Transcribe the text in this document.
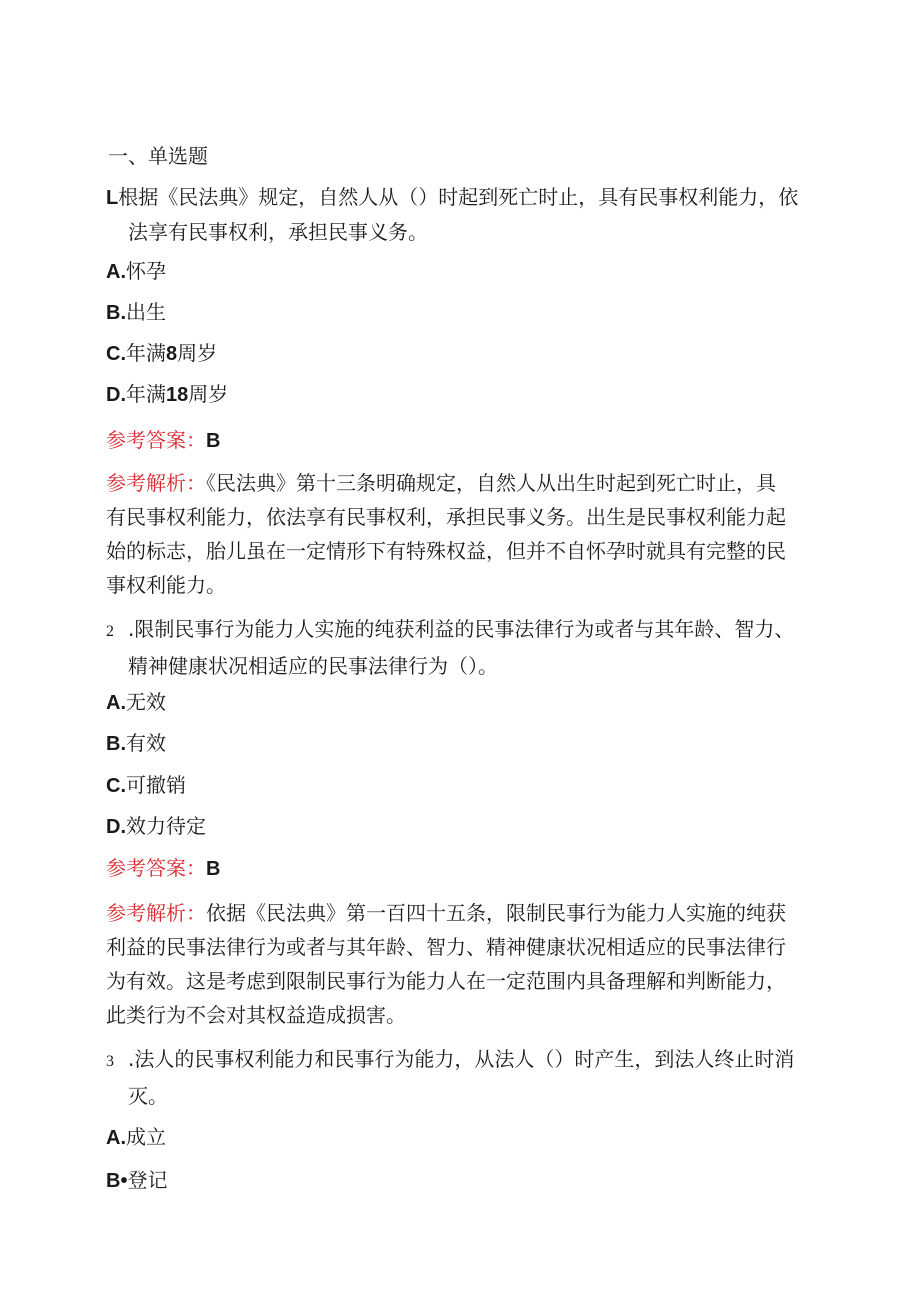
一、单选题
L根据《民法典》规定，自然人从（）时起到死亡时止，具有民事权利能力，依
法享有民事权利，承担民事义务。
A.怀孕
B.出生
C.年满8周岁
D.年满18周岁
参考答案：B
参考解析：《民法典》第十三条明确规定，自然人从出生时起到死亡时止，具
有民事权利能力，依法享有民事权利，承担民事义务。出生是民事权利能力起
始的标志，胎儿虽在一定情形下有特殊权益，但并不自怀孕时就具有完整的民
事权利能力。
2 .限制民事行为能力人实施的纯获利益的民事法律行为或者与其年龄、智力、
精神健康状况相适应的民事法律行为（）。
A.无效
B.有效
C.可撤销
D.效力待定
参考答案：B
参考解析：依据《民法典》第一百四十五条，限制民事行为能力人实施的纯获
利益的民事法律行为或者与其年龄、智力、精神健康状况相适应的民事法律行
为有效。这是考虑到限制民事行为能力人在一定范围内具备理解和判断能力，
此类行为不会对其权益造成损害。
3 .法人的民事权利能力和民事行为能力，从法人（）时产生，到法人终止时消
灭。
A.成立
B•登记
